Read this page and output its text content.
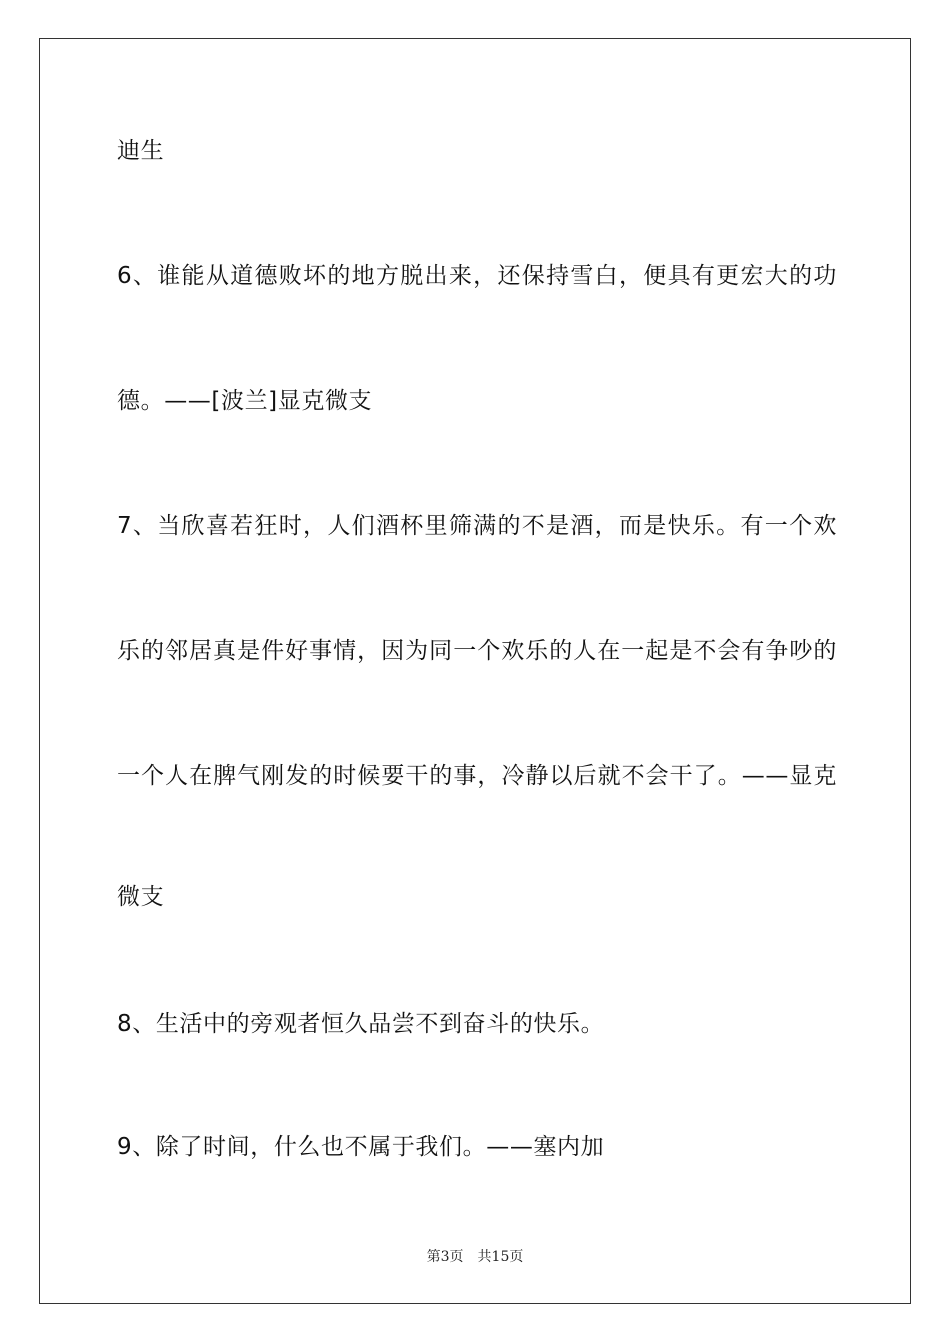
迪生
6、谁能从道德败坏的地方脱出来，还保持雪白，便具有更宏大的功
德。——[波兰]显克微支
7、当欣喜若狂时，人们酒杯里筛满的不是酒，而是快乐。有一个欢
乐的邻居真是件好事情，因为同一个欢乐的人在一起是不会有争吵的
一个人在脾气刚发的时候要干的事，冷静以后就不会干了。——显克
微支
8、生活中的旁观者恒久品尝不到奋斗的快乐。
9、除了时间，什么也不属于我们。——塞内加
第3页 共15页
